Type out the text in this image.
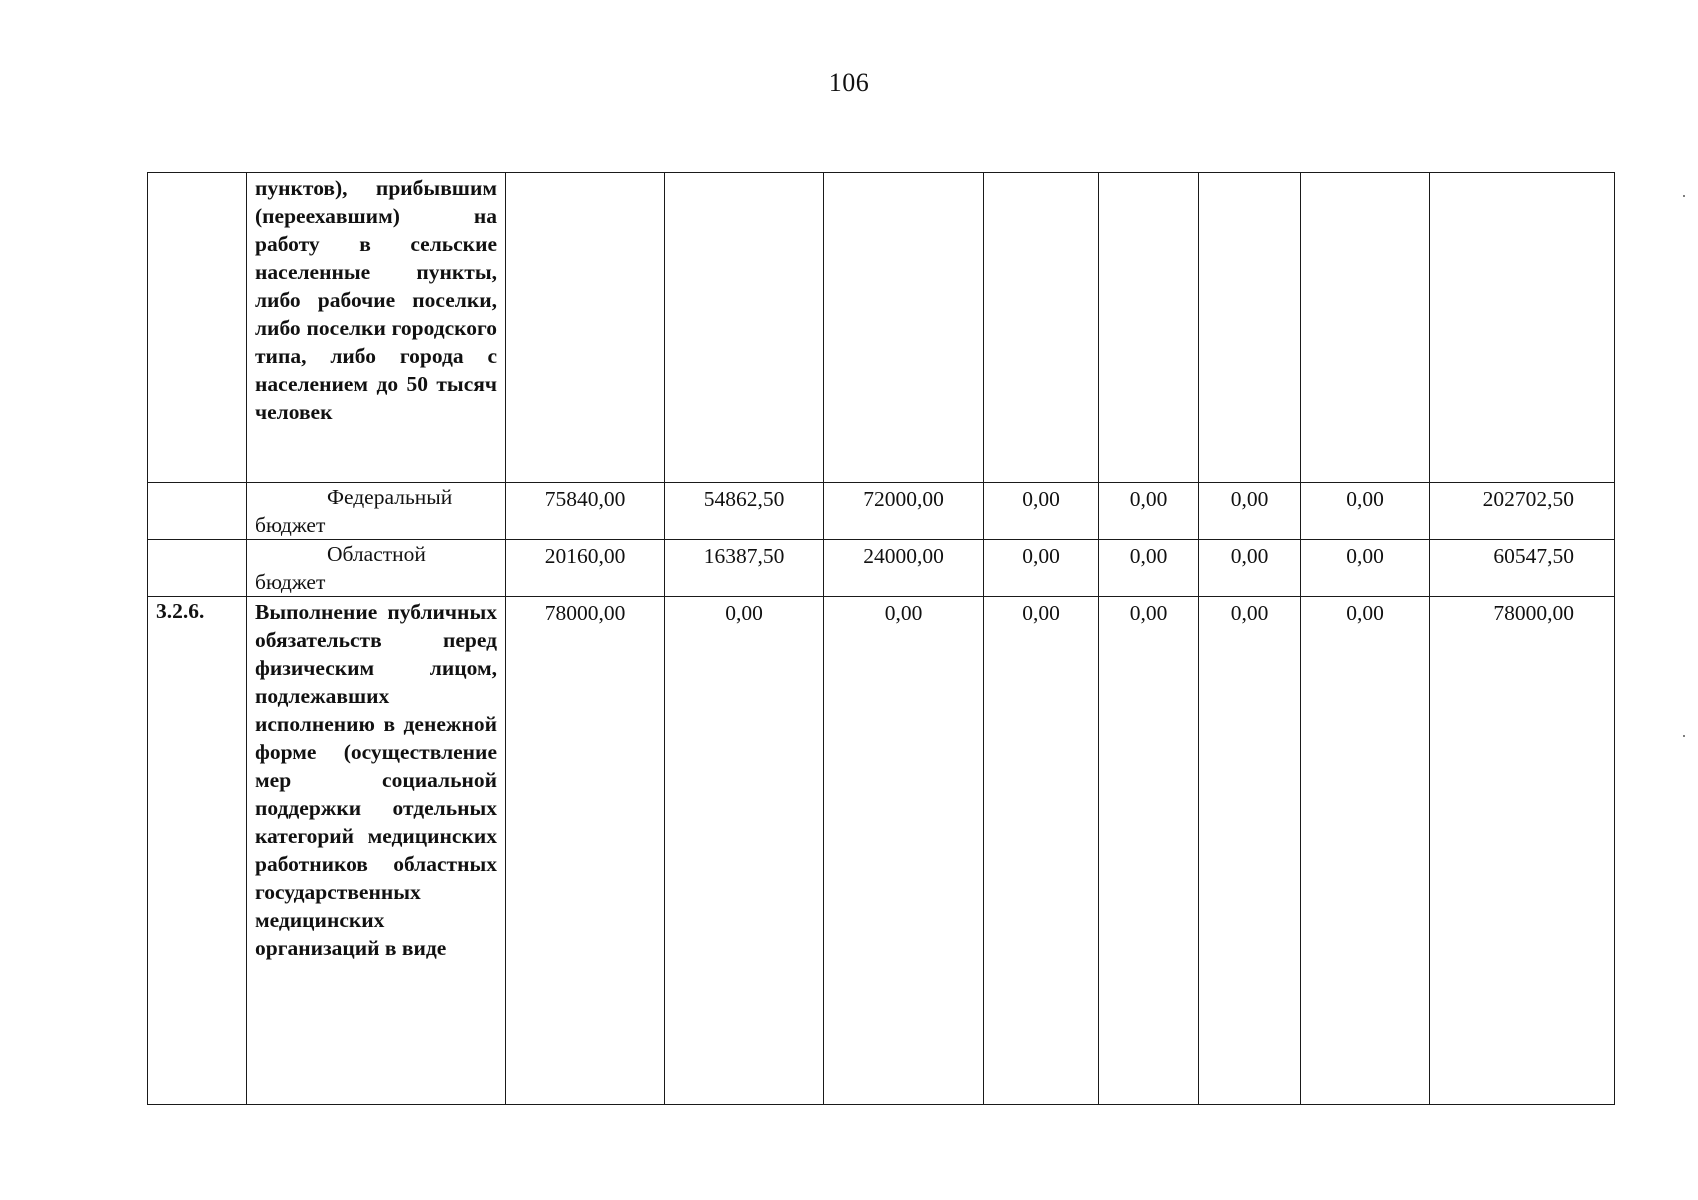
106
	пунктов), прибывшим (переехавшим) на работу в сельские населенные пункты, либо рабочие поселки, либо поселки городского типа, либо города с населением до 50 тысяч человек								
	Федеральный бюджет	75840,00	54862,50	72000,00	0,00	0,00	0,00	0,00	202702,50
	Областной бюджет	20160,00	16387,50	24000,00	0,00	0,00	0,00	0,00	60547,50
3.2.6.	Выполнение публичных обязательств перед физическим лицом, подлежавших исполнению в денежной форме (осуществление мер социальной поддержки отдельных категорий медицинских работников областных государственных медицинских организаций в виде	78000,00	0,00	0,00	0,00	0,00	0,00	0,00	78000,00
